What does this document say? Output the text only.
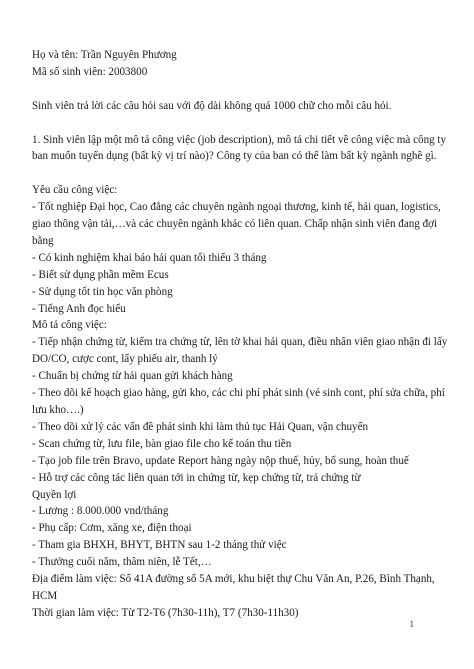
Họ và tên: Trần Nguyên Phương
Mã số sinh viên: 2003800
Sinh viên trả lời các câu hỏi sau với độ dài không quá 1000 chữ cho mỗi câu hỏi.
1. Sinh viên lập một mô tả công việc (job description), mô tả chi tiết về công việc mà công ty
ban muốn tuyển dụng (bất kỳ vị trí nào)? Công ty của ban có thể làm bất kỳ ngành nghề gì.
Yêu cầu công việc:
- Tốt nghiệp Đại học, Cao đẳng các chuyên ngành ngoại thương, kinh tế, hải quan, logistics,
giao thông vận tải,…và các chuyên ngành khác có liên quan. Chấp nhận sinh viên đang đợi
bằng
- Có kinh nghiệm khai báo hải quan tối thiểu 3 tháng
- Biết sử dụng phần mềm Ecus
- Sử dụng tốt tin học văn phòng
- Tiếng Anh đọc hiểu
Mô tả công việc:
- Tiếp nhận chứng từ, kiểm tra chứng từ, lên tờ khai hải quan, điều nhân viên giao nhận đi lấy
DO/CO, cược cont, lấy phiếu air, thanh lý
- Chuẩn bị chứng từ hải quan gửi khách hàng
- Theo dõi kế hoạch giao hàng, gửi kho, các chi phí phát sinh (vé sinh cont, phí sửa chữa, phí
lưu kho….)
- Theo dõi xử lý các vấn đề phát sinh khi làm thủ tục Hải Quan, vận chuyển
- Scan chứng từ, lưu file, bàn giao file cho kế toán thu tiền
- Tạo job file trên Bravo, update Report hàng ngày nộp thuế, hủy, bổ sung, hoàn thuế
- Hỗ trợ các công tác liên quan tới in chứng từ, kẹp chứng từ, trả chứng từ
Quyền lợi
- Lương : 8.000.000 vnd/tháng
- Phụ cấp: Cơm, xăng xe, điện thoại
- Tham gia BHXH, BHYT, BHTN sau 1-2 tháng thử việc
- Thưởng cuối năm, thâm niên, lễ Tết,…
Địa điểm làm việc: Số 41A đường số 5A mới, khu biệt thự Chu Văn An, P.26, Bình Thạnh,
HCM
Thời gian làm việc: Từ T2-T6 (7h30-11h), T7 (7h30-11h30)
1
